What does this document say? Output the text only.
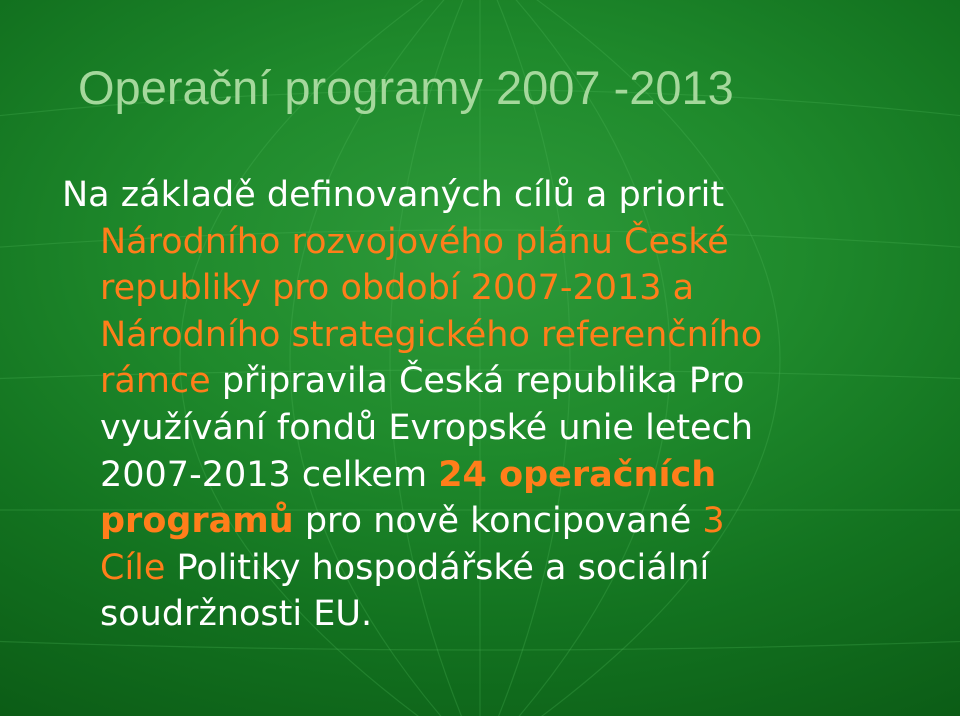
Operační programy 2007 -2013
Na základě definovaných cílů a priorit
Národního rozvojového plánu České
republiky pro období 2007-2013 a
Národního strategického referenčního
rámce připravila Česká republika Pro
využívání fondů Evropské unie letech
2007-2013 celkem 24 operačních
programů pro nově koncipované 3
Cíle Politiky hospodářské a sociální
soudržnosti EU.
